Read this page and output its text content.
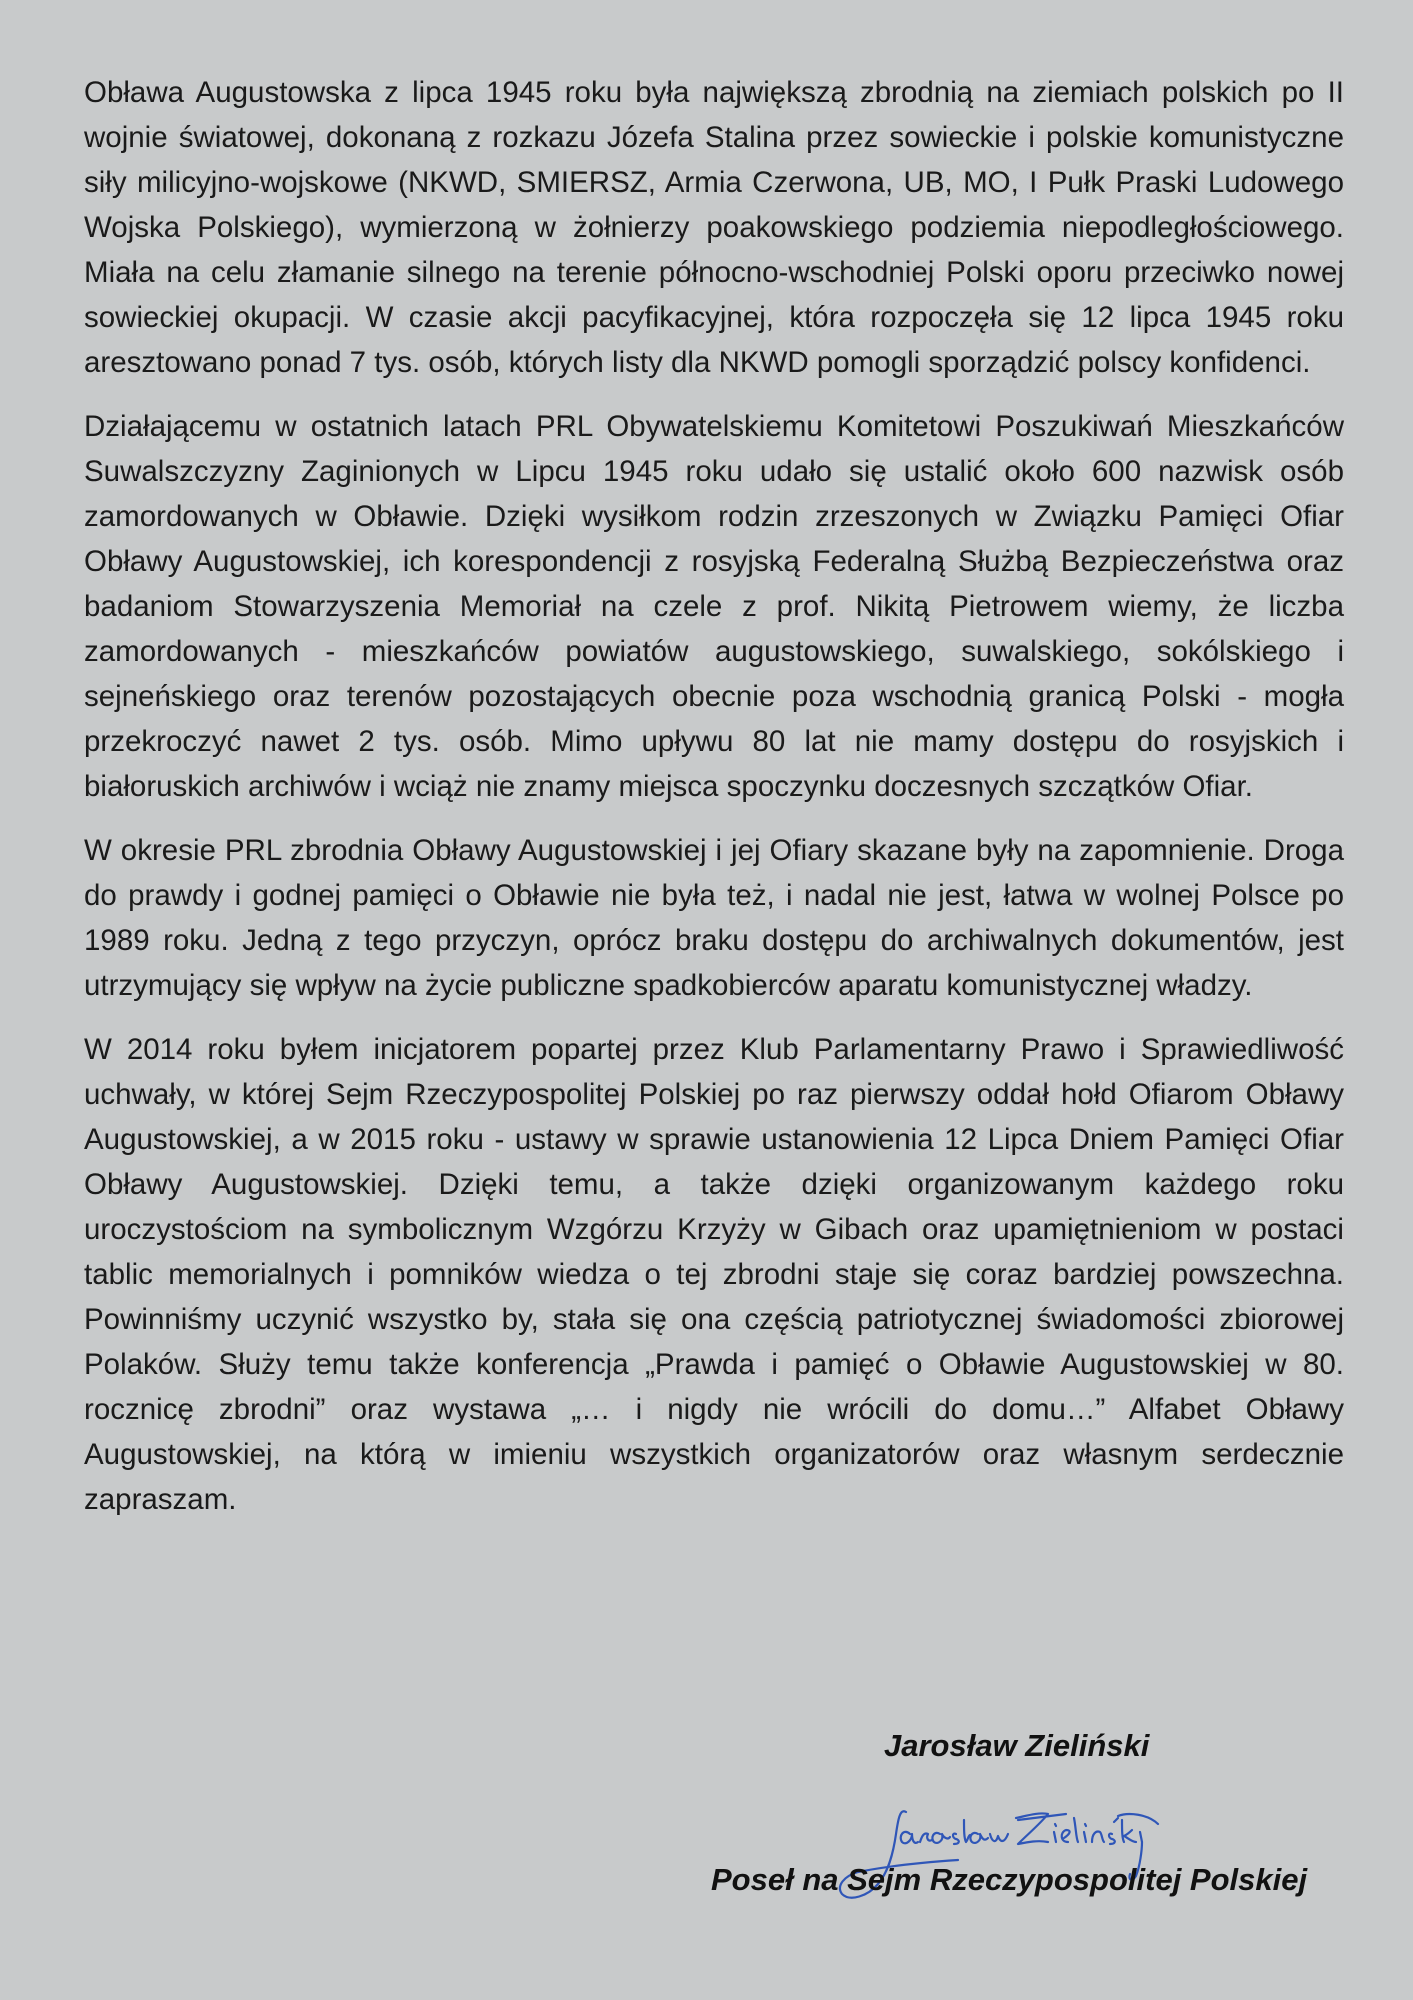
Obława Augustowska z lipca 1945 roku była największą zbrodnią na ziemiach polskich po II wojnie światowej, dokonaną z rozkazu Józefa Stalina przez sowieckie i polskie komunistyczne siły milicyjno-wojskowe (NKWD, SMIERSZ, Armia Czerwona, UB, MO, I Pułk Praski Ludowego Wojska Polskiego), wymierzoną w żołnierzy poakowskiego podziemia niepodległościowego. Miała na celu złamanie silnego na terenie północno-wschodniej Polski oporu przeciwko nowej sowieckiej okupacji. W czasie akcji pacyfikacyjnej, która rozpoczęła się 12 lipca 1945 roku aresztowano ponad 7 tys. osób, których listy dla NKWD pomogli sporządzić polscy konfidenci.

Działającemu w ostatnich latach PRL Obywatelskiemu Komitetowi Poszukiwań Mieszkańców Suwalszczyzny Zaginionych w Lipcu 1945 roku udało się ustalić około 600 nazwisk osób zamordowanych w Obławie. Dzięki wysiłkom rodzin zrzeszonych w Związku Pamięci Ofiar Obławy Augustowskiej, ich korespondencji z rosyjską Federalną Służbą Bezpieczeństwa oraz badaniom Stowarzyszenia Memoriał na czele z prof. Nikitą Pietrowem wiemy, że liczba zamordowanych - mieszkańców powiatów augustowskiego, suwalskiego, sokólskiego i sejneńskiego oraz terenów pozostających obecnie poza wschodnią granicą Polski - mogła przekroczyć nawet 2 tys. osób. Mimo upływu 80 lat nie mamy dostępu do rosyjskich i białoruskich archiwów i wciąż nie znamy miejsca spoczynku doczesnych szczątków Ofiar.

W okresie PRL zbrodnia Obławy Augustowskiej i jej Ofiary skazane były na zapomnienie. Droga do prawdy i godnej pamięci o Obławie nie była też, i nadal nie jest, łatwa w wolnej Polsce po 1989 roku. Jedną z tego przyczyn, oprócz braku dostępu do archiwalnych dokumentów, jest utrzymujący się wpływ na życie publiczne spadkobierców aparatu komunistycznej władzy.

W 2014 roku byłem inicjatorem popartej przez Klub Parlamentarny Prawo i Sprawiedliwość uchwały, w której Sejm Rzeczypospolitej Polskiej po raz pierwszy oddał hołd Ofiarom Obławy Augustowskiej, a w 2015 roku - ustawy w sprawie ustanowienia 12 Lipca Dniem Pamięci Ofiar Obławy Augustowskiej. Dzięki temu, a także dzięki organizowanym każdego roku uroczystościom na symbolicznym Wzgórzu Krzyży w Gibach oraz upamiętnieniom w postaci tablic memorialnych i pomników wiedza o tej zbrodni staje się coraz bardziej powszechna. Powinniśmy uczynić wszystko by, stała się ona częścią patriotycznej świadomości zbiorowej Polaków. Służy temu także konferencja „Prawda i pamięć o Obławie Augustowskiej w 80. rocznicę zbrodni” oraz wystawa „… i nigdy nie wrócili do domu…” Alfabet Obławy Augustowskiej, na którą w imieniu wszystkich organizatorów oraz własnym serdecznie zapraszam.

Jarosław Zieliński
Poseł na Sejm Rzeczypospolitej Polskiej
